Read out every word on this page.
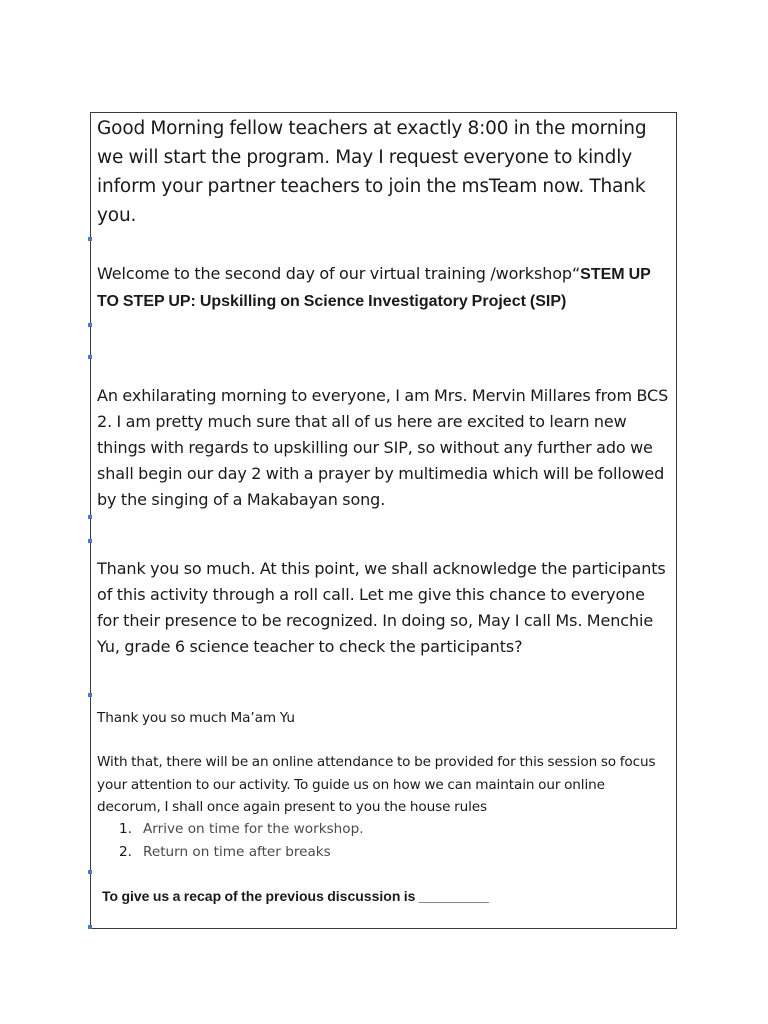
Good Morning fellow teachers at exactly 8:00 in the morning we will start the program. May I request everyone to kindly inform your partner teachers to join the msTeam now. Thank you.

Welcome to the second day of our virtual training /workshop“STEM UP TO STEP UP: Upskilling on Science Investigatory Project (SIP)

An exhilarating morning to everyone, I am Mrs. Mervin Millares from BCS 2. I am pretty much sure that all of us here are excited to learn new things with regards to upskilling our SIP, so without any further ado we shall begin our day 2 with a prayer by multimedia which will be followed by the singing of a Makabayan song.

Thank you so much. At this point, we shall acknowledge the participants of this activity through a roll call. Let me give this chance to everyone for their presence to be recognized. In doing so, May I call Ms. Menchie Yu, grade 6 science teacher to check the participants?

Thank you so much Ma’am Yu

With that, there will be an online attendance to be provided for this session so focus your attention to our activity. To guide us on how we can maintain our online decorum, I shall once again present to you the house rules

1. Arrive on time for the workshop.
2. Return on time after breaks

To give us a recap of the previous discussion is _________
